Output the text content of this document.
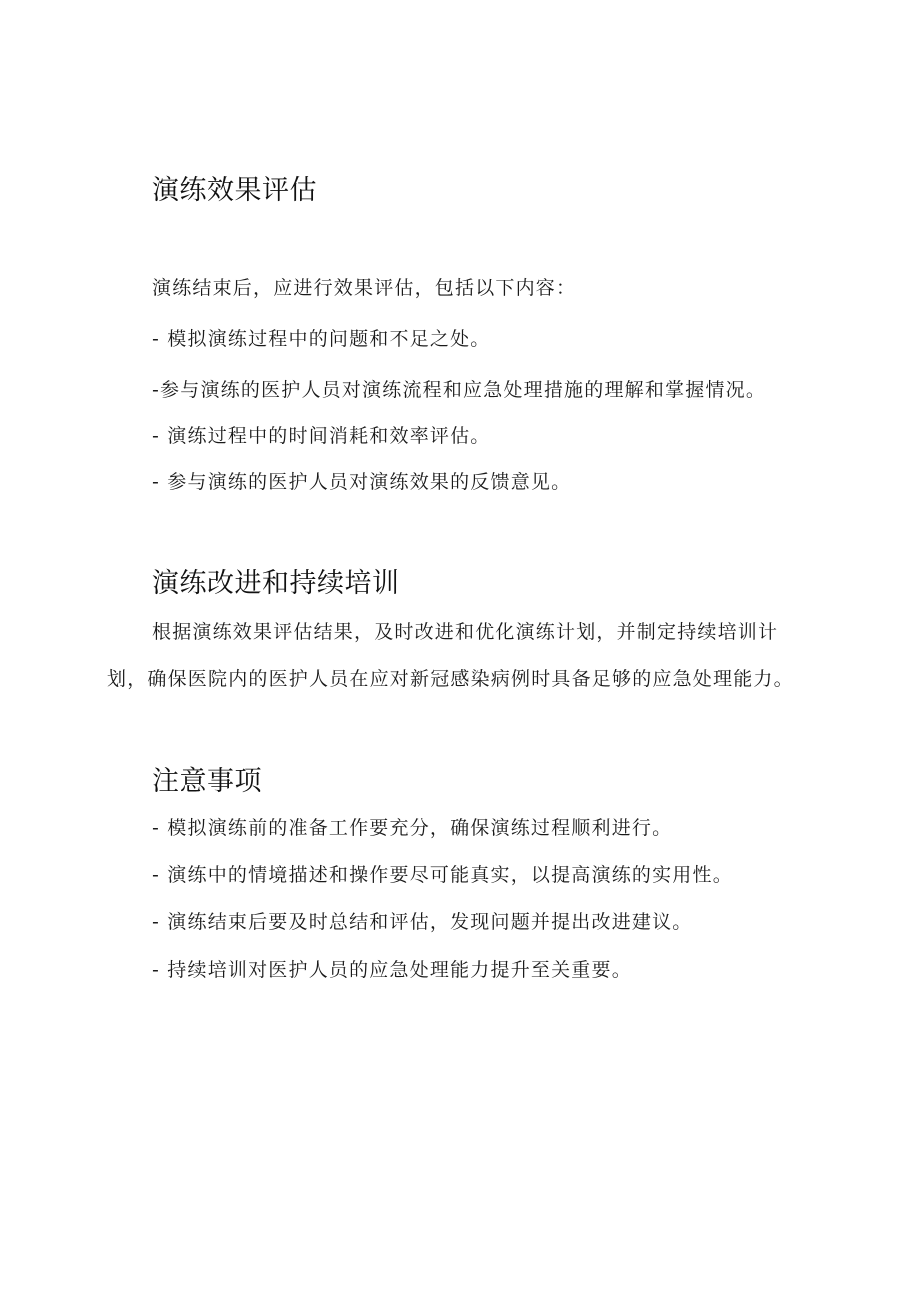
演练效果评估

演练结束后，应进行效果评估，包括以下内容：

- 模拟演练过程中的问题和不足之处。

-参与演练的医护人员对演练流程和应急处理措施的理解和掌握情况。

- 演练过程中的时间消耗和效率评估。

- 参与演练的医护人员对演练效果的反馈意见。

演练改进和持续培训

根据演练效果评估结果，及时改进和优化演练计划，并制定持续培训计

划，确保医院内的医护人员在应对新冠感染病例时具备足够的应急处理能力。

注意事项

- 模拟演练前的准备工作要充分，确保演练过程顺利进行。

- 演练中的情境描述和操作要尽可能真实，以提高演练的实用性。

- 演练结束后要及时总结和评估，发现问题并提出改进建议。

- 持续培训对医护人员的应急处理能力提升至关重要。
